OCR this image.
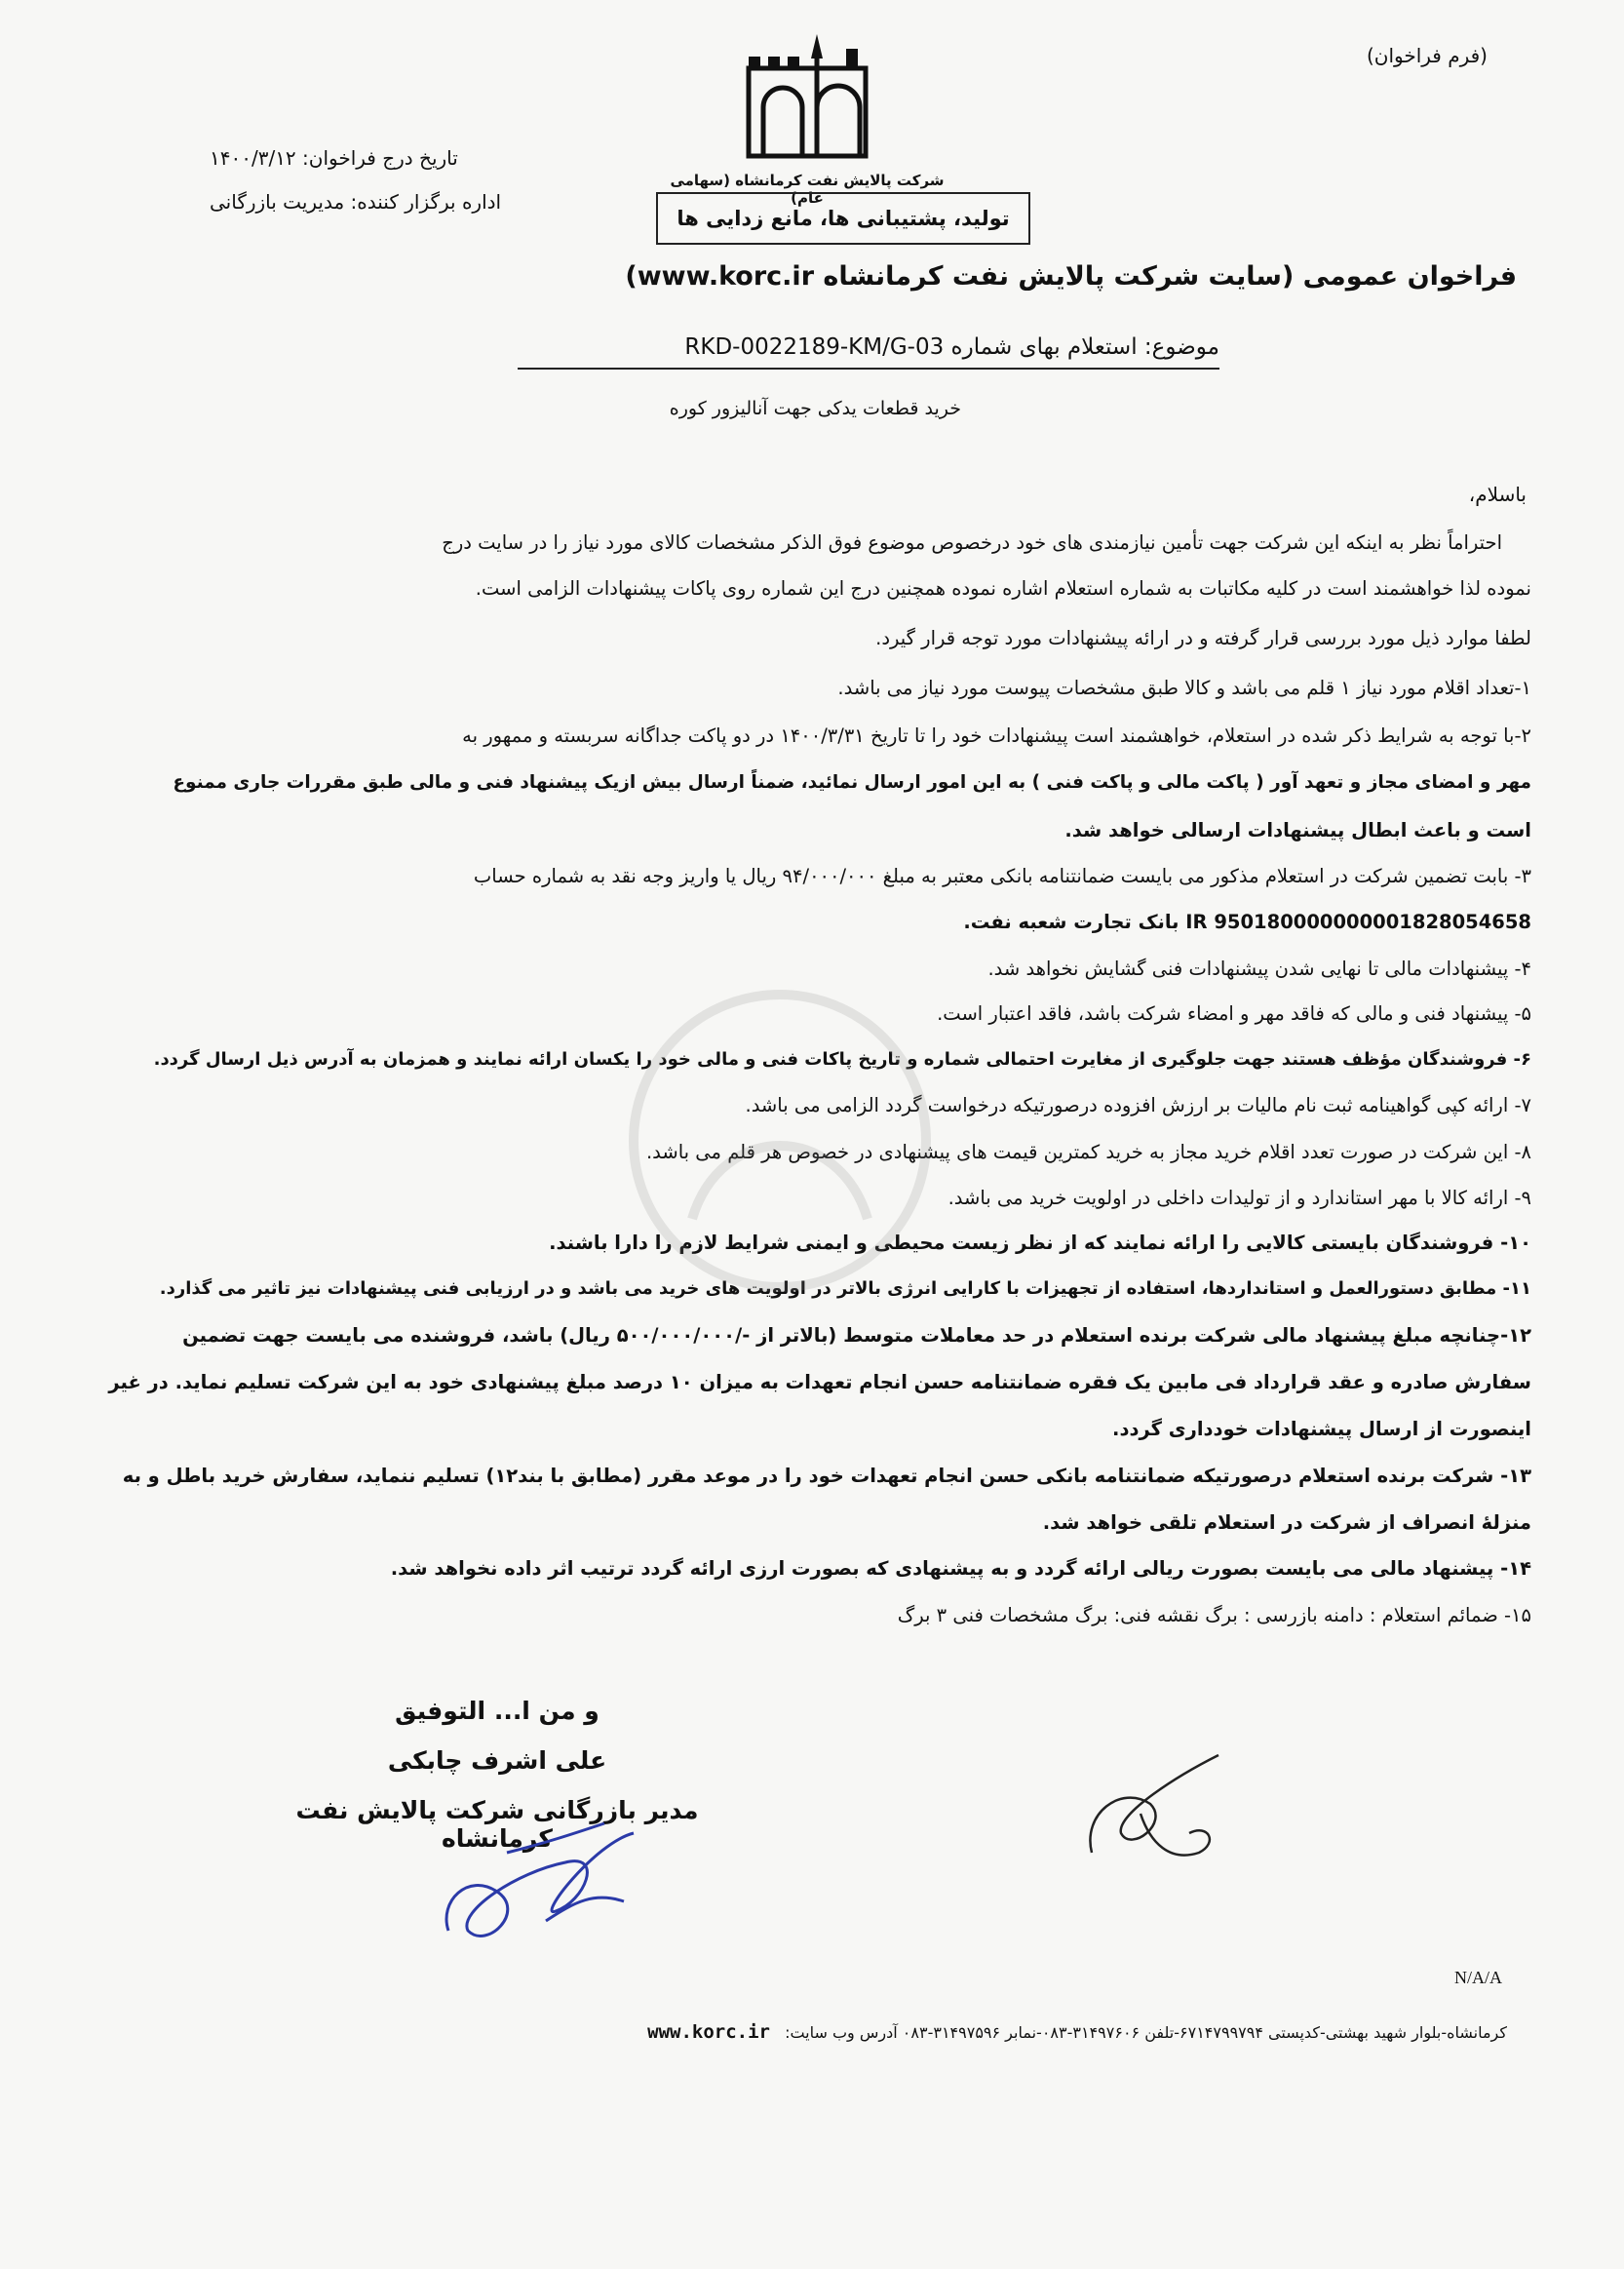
(فرم فراخوان)
شرکت پالایش نفت کرمانشاه (سهامی عام)
تولید، پشتیبانی ها، مانع زدایی ها
تاریخ درج فراخوان: ۱۴۰۰/۳/۱۲
اداره برگزار کننده: مدیریت بازرگانی
فراخوان عمومی (سایت شرکت پالایش نفت کرمانشاه www.korc.ir)
موضوع: استعلام بهای شماره RKD-0022189-KM/G-03
خرید قطعات یدکی جهت آنالیزور کوره
باسلام،
احتراماً نظر به اینکه این شرکت جهت تأمین نیازمندی های خود درخصوص موضوع فوق الذکر مشخصات کالای مورد نیاز را در سایت درج
نموده لذا خواهشمند است در کلیه مکاتبات به شماره استعلام اشاره نموده همچنین درج این شماره روی پاکات پیشنهادات الزامی است.
لطفا موارد ذیل مورد بررسی قرار گرفته و در ارائه پیشنهادات مورد توجه قرار گیرد.
۱-تعداد اقلام مورد نیاز ۱ قلم می باشد و کالا طبق مشخصات پیوست مورد نیاز می باشد.
۲-با توجه به شرایط ذکر شده در استعلام، خواهشمند است پیشنهادات خود را تا تاریخ ۱۴۰۰/۳/۳۱ در دو پاکت جداگانه سربسته و ممهور به
مهر و امضای مجاز و تعهد آور ( پاکت مالی و پاکت فنی ) به این امور ارسال نمائید، ضمناً ارسال بیش ازیک پیشنهاد فنی و مالی طبق مقررات جاری ممنوع
است و باعث ابطال پیشنهادات ارسالی خواهد شد.
۳- بابت تضمین شرکت در استعلام مذکور می بایست ضمانتنامه بانکی معتبر به مبلغ ۹۴/۰۰۰/۰۰۰ ریال یا واریز وجه نقد به شماره حساب
IR 950180000000001828054658 بانک تجارت شعبه نفت.
۴- پیشنهادات مالی تا نهایی شدن پیشنهادات فنی گشایش نخواهد شد.
۵- پیشنهاد فنی و مالی که فاقد مهر و امضاء شرکت باشد، فاقد اعتبار است.
۶- فروشندگان مؤظف هستند جهت جلوگیری از مغایرت احتمالی شماره و تاریخ پاکات فنی و مالی خود را یکسان ارائه نمایند و همزمان به آدرس ذیل ارسال گردد.
۷- ارائه کپی گواهینامه ثبت نام مالیات بر ارزش افزوده درصورتیکه درخواست گردد الزامی می باشد.
۸- این شرکت در صورت تعدد اقلام خرید مجاز به خرید کمترین قیمت های پیشنهادی در خصوص هر قلم می باشد.
۹- ارائه کالا با مهر استاندارد و از تولیدات داخلی در اولویت خرید می باشد.
۱۰- فروشندگان بایستی کالایی را ارائه نمایند که از نظر زیست محیطی و ایمنی شرایط لازم را دارا باشند.
۱۱- مطابق دستورالعمل و استانداردها، استفاده از تجهیزات با کارایی انرژی بالاتر در اولویت های خرید می باشد و در ارزیابی فنی پیشنهادات نیز تاثیر می گذارد.
۱۲-چنانچه مبلغ پیشنهاد مالی شرکت برنده استعلام در حد معاملات متوسط (بالاتر از -/۵۰۰/۰۰۰/۰۰۰ ریال) باشد، فروشنده می بایست جهت تضمین
سفارش صادره و عقد قرارداد فی مابین یک فقره ضمانتنامه حسن انجام تعهدات به میزان ۱۰ درصد مبلغ پیشنهادی خود به این شرکت تسلیم نماید. در غیر
اینصورت از ارسال پیشنهادات خودداری گردد.
۱۳- شرکت برنده استعلام درصورتیکه ضمانتنامه بانکی حسن انجام تعهدات خود را در موعد مقرر (مطابق با بند۱۲) تسلیم ننماید، سفارش خرید باطل و به
منزلهٔ انصراف از شرکت در استعلام تلقی خواهد شد.
۱۴- پیشنهاد مالی می بایست بصورت ریالی ارائه گردد و به پیشنهادی که بصورت ارزی ارائه گردد ترتیب اثر داده نخواهد شد.
۱۵- ضمائم استعلام : دامنه بازرسی : برگ نقشه فنی: برگ مشخصات فنی ۳ برگ
و من ا... التوفیق
علی اشرف چابکی
مدیر بازرگانی شرکت پالایش نفت کرمانشاه
N/A/A
کرمانشاه-بلوار شهید بهشتی-کدپستی ۶۷۱۴۷۹۹۷۹۴-تلفن ۳۱۴۹۷۶۰۶-۰۸۳-نمابر ۳۱۴۹۷۵۹۶-۰۸۳ آدرس وب سایت: www.korc.ir
